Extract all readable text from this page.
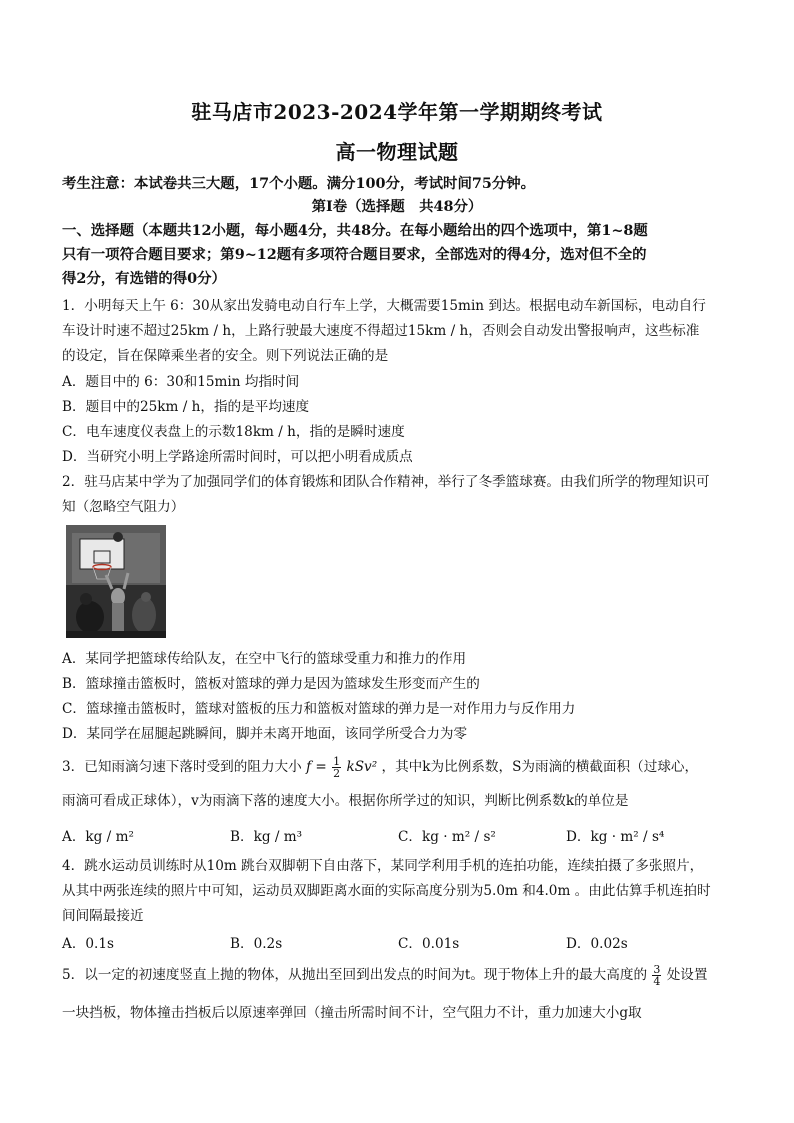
驻马店市2023-2024学年第一学期期终考试
高一物理试题
考生注意：本试卷共三大题，17个小题。满分100分，考试时间75分钟。
第Ⅰ卷（选择题　共48分）
一、选择题（本题共12小题，每小题4分，共48分。在每小题给出的四个选项中，第1~8题
只有一项符合题目要求；第9~12题有多项符合题目要求，全部选对的得4分，选对但不全的
得2分，有选错的得0分）
1．小明每天上午 6：30从家出发骑电动自行车上学，大概需要15min 到达。根据电动车新国标，电动自行
车设计时速不超过25km / h，上路行驶最大速度不得超过15km / h，否则会自动发出警报响声，这些标准
的设定，旨在保障乘坐者的安全。则下列说法正确的是
A．题目中的 6：30和15min 均指时间
B．题目中的25km / h，指的是平均速度
C．电车速度仪表盘上的示数18km / h，指的是瞬时速度
D．当研究小明上学路途所需时间时，可以把小明看成质点
2．驻马店某中学为了加强同学们的体育锻炼和团队合作精神，举行了冬季篮球赛。由我们所学的物理知识可
知（忽略空气阻力）
A．某同学把篮球传给队友，在空中飞行的篮球受重力和推力的作用
B．篮球撞击篮板时，篮板对篮球的弹力是因为篮球发生形变而产生的
C．篮球撞击篮板时，篮球对篮板的压力和篮板对篮球的弹力是一对作用力与反作用力
D．某同学在屈腿起跳瞬间，脚并未离开地面，该同学所受合力为零
3．已知雨滴匀速下落时受到的阻力大小 $f = \frac{1}{2} kSv^2$ ，其中k为比例系数，S为雨滴的横截面积（过球心，
雨滴可看成正球体），v为雨滴下落的速度大小。根据你所学过的知识，判断比例系数k的单位是
A．kg / m²	B．kg / m³	C．kg · m² / s²	D．kg · m² / s⁴
4．跳水运动员训练时从10m 跳台双脚朝下自由落下，某同学利用手机的连拍功能，连续拍摄了多张照片，
从其中两张连续的照片中可知，运动员双脚距离水面的实际高度分别为5.0m 和4.0m 。由此估算手机连拍时
间间隔最接近
A．0.1s	B．0.2s	C．0.01s	D．0.02s
5．以一定的初速度竖直上抛的物体，从抛出至回到出发点的时间为t。现于物体上升的最大高度的 $\frac{3}{4}$ 处设置
一块挡板，物体撞击挡板后以原速率弹回（撞击所需时间不计，空气阻力不计，重力加速大小g取
